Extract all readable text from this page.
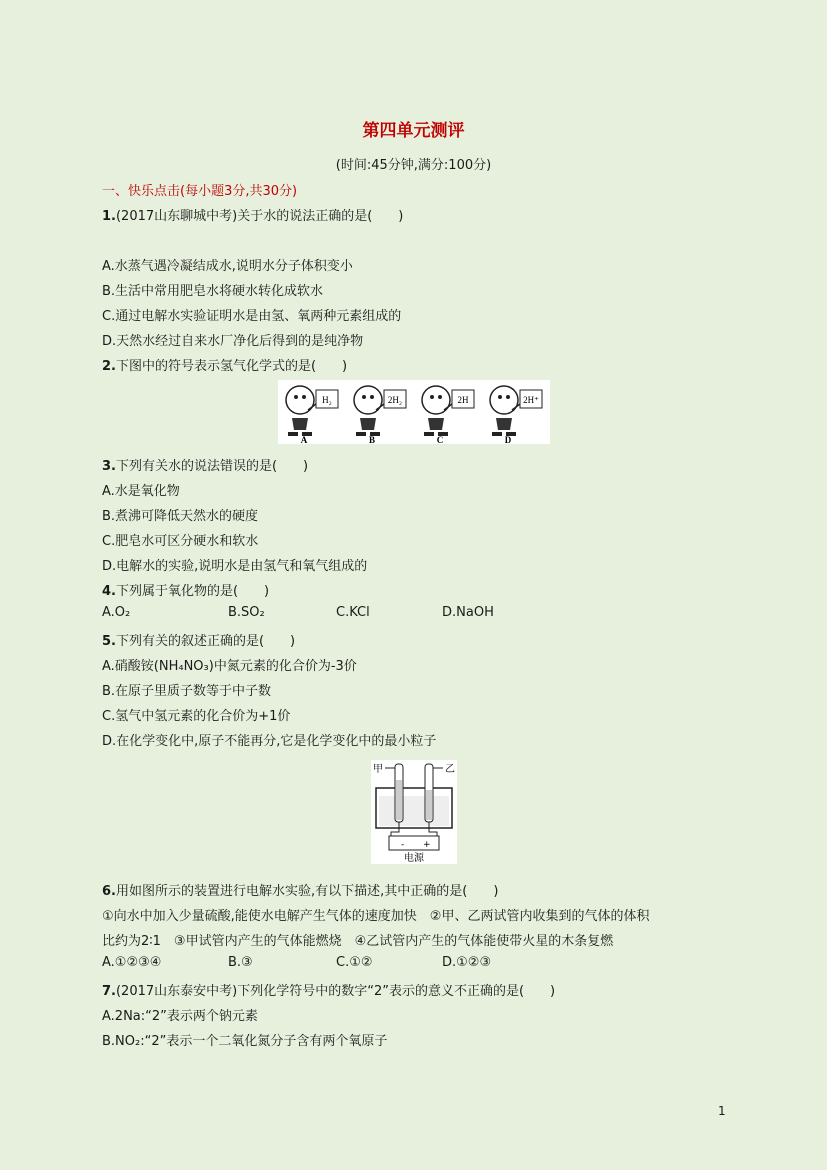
第四单元测评
(时间:45分钟,满分:100分)
一、快乐点击(每小题3分,共30分)
1.(2017山东聊城中考)关于水的说法正确的是(　　)
A.水蒸气遇冷凝结成水,说明水分子体积变小
B.生活中常用肥皂水将硬水转化成软水
C.通过电解水实验证明水是由氢、氧两种元素组成的
D.天然水经过自来水厂净化后得到的是纯净物
2.下图中的符号表示氢气化学式的是(　　)
H₂
A
2H₂
B
2H
C
2H⁺
D
3.下列有关水的说法错误的是(　　)
A.水是氧化物
B.煮沸可降低天然水的硬度
C.肥皂水可区分硬水和软水
D.电解水的实验,说明水是由氢气和氧气组成的
4.下列属于氧化物的是(　　)
A.O₂	B.SO₂	C.KCl	D.NaOH
5.下列有关的叙述正确的是(　　)
A.硝酸铵(NH₄NO₃)中氮元素的化合价为-3价
B.在原子里质子数等于中子数
C.氢气中氢元素的化合价为+1价
D.在化学变化中,原子不能再分,它是化学变化中的最小粒子
甲	乙
- +
电源
6.用如图所示的装置进行电解水实验,有以下描述,其中正确的是(　　)
①向水中加入少量硫酸,能使水电解产生气体的速度加快　②甲、乙两试管内收集到的气体的体积
比约为2∶1　③甲试管内产生的气体能燃烧　④乙试管内产生的气体能使带火星的木条复燃
A.①②③④	B.③	C.①②	D.①②③
7.(2017山东泰安中考)下列化学符号中的数字“2”表示的意义不正确的是(　　)
A.2Na:“2”表示两个钠元素
B.NO₂:“2”表示一个二氧化氮分子含有两个氧原子
1
